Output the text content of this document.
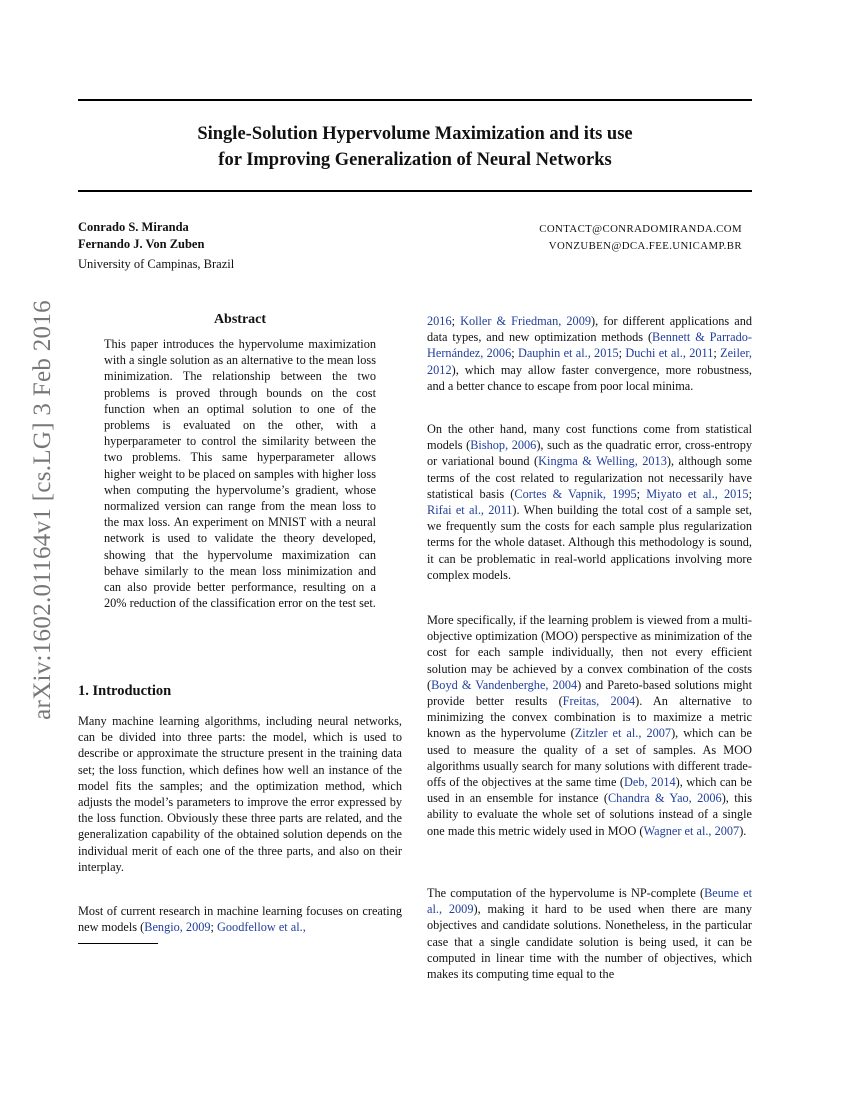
Single-Solution Hypervolume Maximization and its use
for Improving Generalization of Neural Networks
Conrado S. Miranda
Fernando J. Von Zuben
University of Campinas, Brazil
CONTACT@CONRADOMIRANDA.COM
VONZUBEN@DCA.FEE.UNICAMP.BR
arXiv:1602.01164v1 [cs.LG] 3 Feb 2016	Abstract

This paper introduces the hypervolume maximization with a single solution as an alternative to the mean loss minimization. The relationship between the two problems is proved through bounds on the cost function when an optimal solution to one of the problems is evaluated on the other, with a hyperparameter to control the similarity between the two problems. This same hyperparameter allows higher weight to be placed on samples with higher loss when computing the hypervolume’s gradient, whose normalized version can range from the mean loss to the max loss. An experiment on MNIST with a neural network is used to validate the theory developed, showing that the hypervolume maximization can behave similarly to the mean loss minimization and can also provide better performance, resulting on a 20% reduction of the classification error on the test set.

1. Introduction

Many machine learning algorithms, including neural networks, can be divided into three parts: the model, which is used to describe or approximate the structure present in the training data set; the loss function, which defines how well an instance of the model fits the samples; and the optimization method, which adjusts the model’s parameters to improve the error expressed by the loss function. Obviously these three parts are related, and the generalization capability of the obtained solution depends on the individual merit of each one of the three parts, and also on their interplay.

Most of current research in machine learning focuses on creating new models (Bengio, 2009; Goodfellow et al.,

2016; Koller & Friedman, 2009), for different applications and data types, and new optimization methods (Bennett & Parrado-Hernández, 2006; Dauphin et al., 2015; Duchi et al., 2011; Zeiler, 2012), which may allow faster convergence, more robustness, and a better chance to escape from poor local minima.

On the other hand, many cost functions come from statistical models (Bishop, 2006), such as the quadratic error, cross-entropy or variational bound (Kingma & Welling, 2013), although some terms of the cost related to regularization not necessarily have statistical basis (Cortes & Vapnik, 1995; Miyato et al., 2015; Rifai et al., 2011). When building the total cost of a sample set, we frequently sum the costs for each sample plus regularization terms for the whole dataset. Although this methodology is sound, it can be problematic in real-world applications involving more complex models.

More specifically, if the learning problem is viewed from a multi-objective optimization (MOO) perspective as minimization of the cost for each sample individually, then not every efficient solution may be achieved by a convex combination of the costs (Boyd & Vandenberghe, 2004) and Pareto-based solutions might provide better results (Freitas, 2004). An alternative to minimizing the convex combination is to maximize a metric known as the hypervolume (Zitzler et al., 2007), which can be used to measure the quality of a set of samples. As MOO algorithms usually search for many solutions with different trade-offs of the objectives at the same time (Deb, 2014), which can be used in an ensemble for instance (Chandra & Yao, 2006), this ability to evaluate the whole set of solutions instead of a single one made this metric widely used in MOO (Wagner et al., 2007).

The computation of the hypervolume is NP-complete (Beume et al., 2009), making it hard to be used when there are many objectives and candidate solutions. Nonetheless, in the particular case that a single candidate solution is being used, it can be computed in linear time with the number of objectives, which makes its computing time equal to the
